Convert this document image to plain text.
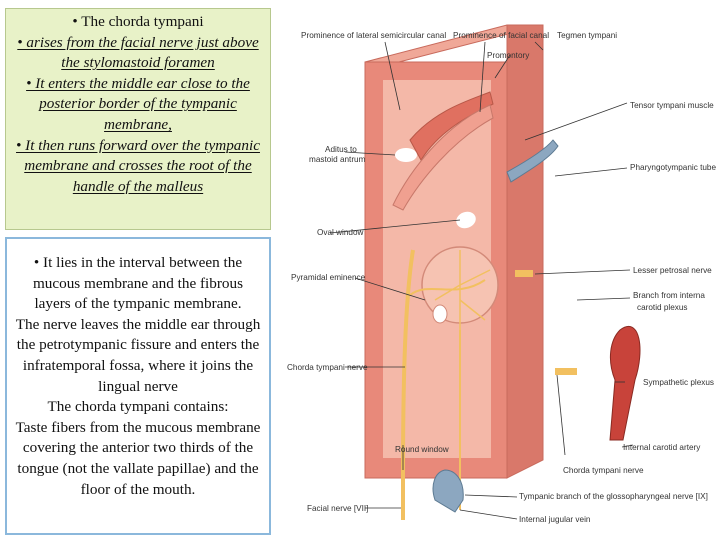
• The chorda tympani
• arises from the facial nerve just above the stylomastoid foramen
• It enters the middle ear close to the posterior border of the tympanic membrane,
• It then runs forward over the tympanic membrane and crosses the root of the handle of the malleus
• It lies in the interval between the mucous membrane and the fibrous layers of the tympanic membrane.
The nerve leaves the middle ear through the petrotympanic fissure and enters the infratemporal fossa, where it joins the lingual nerve
The chorda tympani contains:
Taste fibers from the mucous membrane covering the anterior two thirds of the tongue (not the vallate papillae) and the floor of the mouth.
Prominence of lateral semicircular canal Prominence of facial canal Tegmen tympani
Promontory
Tensor tympani muscle
Aditus to
mastoid antrum
Pharyngotympanic tube
Oval window
Pyramidal eminence
Lesser petrosal nerve
Branch from interna
carotid plexus
Chorda tympani nerve
Sympathetic plexus
Round window	Internal carotid artery
Chorda tympani nerve
Facial nerve [VII]
Tympanic branch of the glossopharyngeal nerve [IX]
Internal jugular vein
